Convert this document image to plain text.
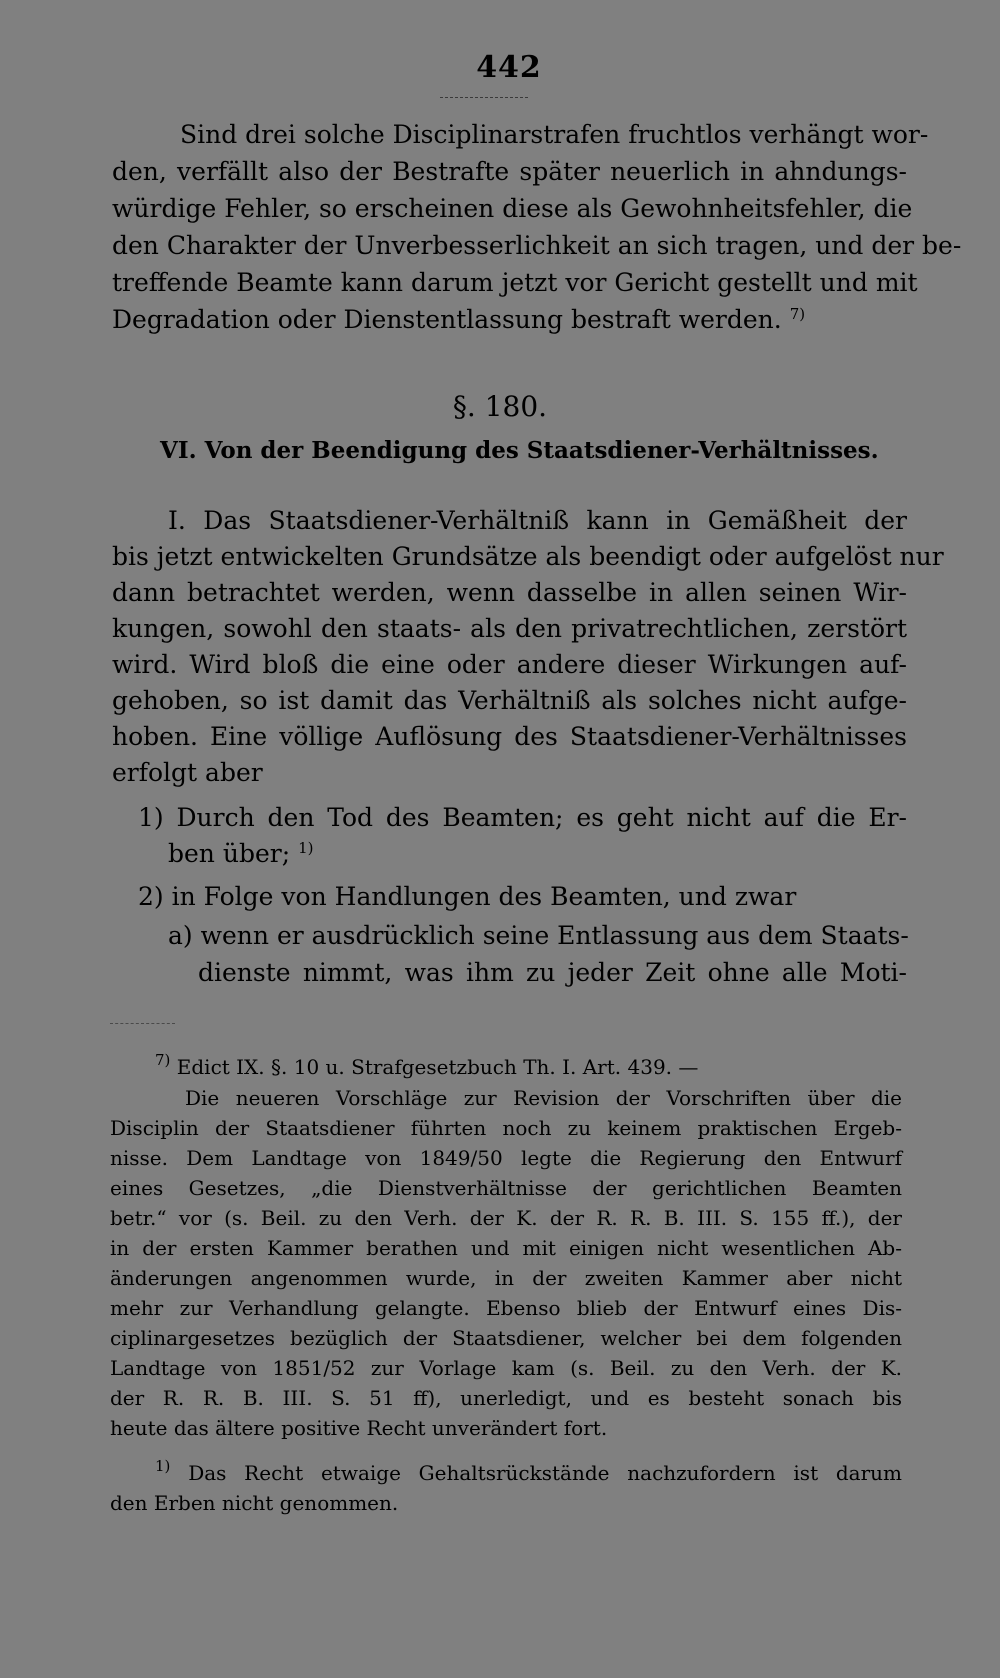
442
Sind drei solche Disciplinarstrafen fruchtlos verhängt wor-
den, verfällt also der Bestrafte später neuerlich in ahndungs-
würdige Fehler, so erscheinen diese als Gewohnheitsfehler, die
den Charakter der Unverbesserlichkeit an sich tragen, und der be-
treffende Beamte kann darum jetzt vor Gericht gestellt und mit
Degradation oder Dienstentlassung bestraft werden. $^{7)}$
§. 180.
VI. Von der Beendigung des Staatsdiener-Verhältnisses.
I. Das Staatsdiener-Verhältniß kann in Gemäßheit der
bis jetzt entwickelten Grundsätze als beendigt oder aufgelöst nur
dann betrachtet werden, wenn dasselbe in allen seinen Wir-
kungen, sowohl den staats- als den privatrechtlichen, zerstört
wird. Wird bloß die eine oder andere dieser Wirkungen auf-
gehoben, so ist damit das Verhältniß als solches nicht aufge-
hoben. Eine völlige Auflösung des Staatsdiener-Verhältnisses
erfolgt aber
1) Durch den Tod des Beamten; es geht nicht auf die Er-
ben über; $^{1)}$
2) in Folge von Handlungen des Beamten, und zwar
a) wenn er ausdrücklich seine Entlassung aus dem Staats-
dienste nimmt, was ihm zu jeder Zeit ohne alle Moti-
$^{7)}$ Edict IX. §. 10 u. Strafgesetzbuch Th. I. Art. 439. —
Die neueren Vorschläge zur Revision der Vorschriften über die
Disciplin der Staatsdiener führten noch zu keinem praktischen Ergeb-
nisse. Dem Landtage von 1849/50 legte die Regierung den Entwurf
eines Gesetzes, „die Dienstverhältnisse der gerichtlichen Beamten
betr.“ vor (s. Beil. zu den Verh. der K. der R. R. B. III. S. 155 ff.), der
in der ersten Kammer berathen und mit einigen nicht wesentlichen Ab-
änderungen angenommen wurde, in der zweiten Kammer aber nicht
mehr zur Verhandlung gelangte. Ebenso blieb der Entwurf eines Dis-
ciplinargesetzes bezüglich der Staatsdiener, welcher bei dem folgenden
Landtage von 1851/52 zur Vorlage kam (s. Beil. zu den Verh. der K.
der R. R. B. III. S. 51 ff), unerledigt, und es besteht sonach bis
heute das ältere positive Recht unverändert fort.
$^{1)}$ Das Recht etwaige Gehaltsrückstände nachzufordern ist darum
den Erben nicht genommen.
